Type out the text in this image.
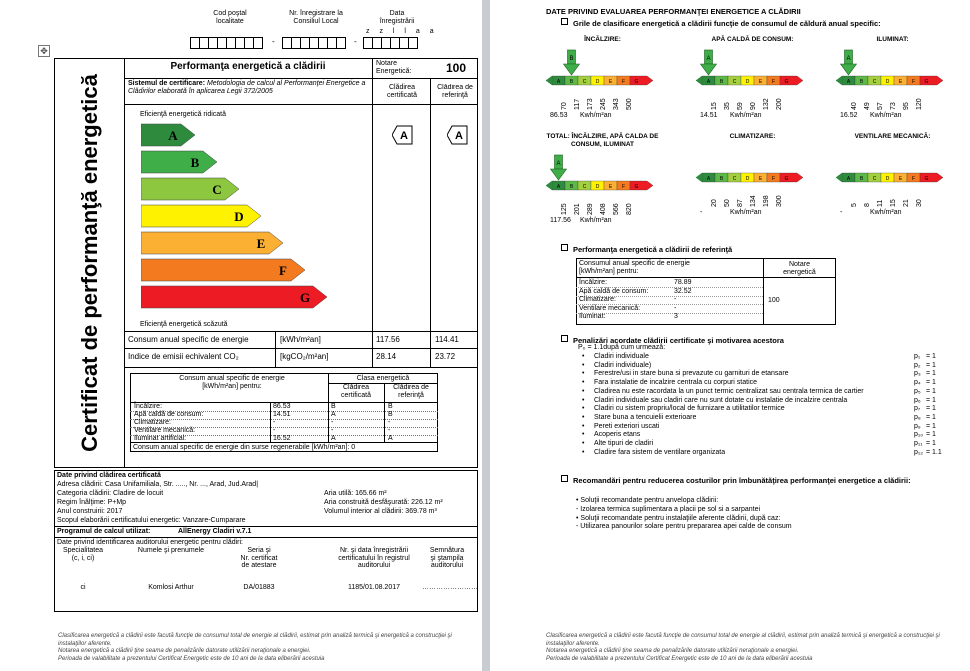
✥
Cod poştal
localitate
Nr. înregistrare la
Consiliul Local
Data
înregistrării
z z l l a a
-	-
Certificat de performanţă energetică
Performanţa energetică a clădirii	Notare
Energetică:	100
Sistemul de certificare: Metodologia de calcul al Performanţei Energetice a Clădirilor elaborată în aplicarea Legii 372/2005
Clădirea
certificată
Clădirea de
referinţă
Eficienţă energetică ridicată
A
B
C
D
E
F
G
Eficienţă energetică scăzută
A	A
Consum anual specific de energie	[kWh/m²an]	117.56	114.41
Indice de emisii echivalent CO₂	[kgCO₂/m²an]	28.14	23.72
Consum anual specific de energie
[kWh/m²an] pentru:
Clasa energetică
Clădirea
certificată
Clădirea de
referinţă
Încălzire:	86.53	B	B
Apă caldă de consum:	14.51	A	B
Climatizare:	-	-	-
Ventilare mecanică:	-	-	-
Iluminat artificial:	16.52	A	A
Consum anual specific de energie din surse regenerabile [kWh/m²an]: 0
Date privind clădirea certificată
Adresa clădirii: Casa Unifamiliala, Str. ....., Nr. ..., Arad, Jud.Arad|
Categoria clădirii: Cladire de locuit
Regim înălţime: P+Mp
Anul construirii: 2017
Scopul elaborării certificatului energetic: Vanzare-Cumparare
Aria utilă: 165.66 m²
Aria construită desfăşurată: 226.12 m²
Volumul interior al clădirii: 369.78 m³
Programul de calcul utilizat:	AllEnergy Cladiri v.7.1
Date privind identificarea auditorului energetic pentru clădiri:
Specialitatea
(c, i, ci)
Numele şi prenumele	Seria şi
Nr. certificat
de atestare
Nr. şi data înregistrării
certificatului în registrul
auditorului
Semnătura
şi ştampila
auditorului
ci	Komlosi Arthur	DA/01883	1185/01.08.2017	……………………
Clasificarea energetică a clădirii este facută funcţie de consumul total de energie al clădirii, estimat prin analiză termică şi energetică a construcţiei şi instalaţiilor aferente.
Notarea energetică a clădirii ţine seama de penalizările datorate utilizării neraţionale a energiei.
Perioada de valabilitate a prezentului Certificat Energetic este de 10 ani de la data eliberării acestuia
DATE PRIVIND EVALUAREA PERFORMANŢEI ENERGETICE A CLĂDIRII
Grile de clasificare energetică a clădirii funcţie de consumul de căldură anual specific:
ÎNCĂLZIRE:
A B C D E F G
B
70 117 173 245 343 500
86.53 Kwh/m²an
APĂ CALDĂ DE CONSUM:
A B C D E F G
A
15 35 59 90 132 200
14.51 Kwh/m²an
ILUMINAT:
A B C D E F G
A
40 49 57 73 95 120
16.52 Kwh/m²an
TOTAL: ÎNCĂLZIRE, APĂ CALDA DE CONSUM, ILUMINAT
A B C D E F G
A
125 201 289 408 566 820
117.56 Kwh/m²an
CLIMATIZARE:
A B C D E F G
20 50 87 134 198 300
-	Kwh/m²an
VENTILARE MECANICĂ:
A B C D E F G
5 8 11 15 21 30
-	Kwh/m²an
Performanţa energetică a clădirii de referinţă
Consumul anual specific de energie
[kWh/m²an] pentru:
Notare
energetică
Încălzire:	78.89
Apă caldă de consum:	32.52
Climatizare:	-
Ventilare mecanică:	-
Iluminat:	3
100
Penalizări acordate clădirii certificate şi motivarea acestora
P₀ = 1.1după cum urmează:
• Cladiri individuale	p₁ = 1
• Cladiri individuale)	p₂ = 1
• Ferestre/usi in stare buna si prevazute cu garnituri de etansare	p₃ = 1
• Fara instalatie de incalzire centrala cu corpuri statice	p₄ = 1
• Cladirea nu este racordata la un punct termic centralizat sau centrala termica de cartier	p₅ = 1
• Cladiri individuale sau cladiri care nu sunt dotate cu instalatie de incalzire centrala	p₆ = 1
• Cladiri cu sistem propriu/local de furnizare a utilitatilor termice	p₇ = 1
• Stare buna a tencuielii exterioare	p₈ = 1
• Pereti exteriori uscati	p₉ = 1
• Acoperis etans	p₁₀ = 1
• Alte tipuri de cladiri	p₁₁ = 1
• Cladire fara sistem de ventilare organizata	p₁₂ = 1.1
Recomandări pentru reducerea costurilor prin îmbunătăţirea performanţei energetice a clădirii:
• Soluţii recomandate pentru anvelopa clădirii:
- Izolarea termica suplimentara a placii pe sol si a sarpantei
• Soluţii recomandate pentru instalaţiile aferente clădirii, după caz:
- Utilizarea panourilor solare pentru prepararea apei calde de consum
Clasificarea energetică a clădirii este facută funcţie de consumul total de energie al clădirii, estimat prin analiză termică şi energetică a construcţiei şi instalaţiilor aferente.
Notarea energetică a clădirii ţine seama de penalizările datorate utilizării neraţionale a energiei.
Perioada de valabilitate a prezentului Certificat Energetic este de 10 ani de la data eliberării acestuia
